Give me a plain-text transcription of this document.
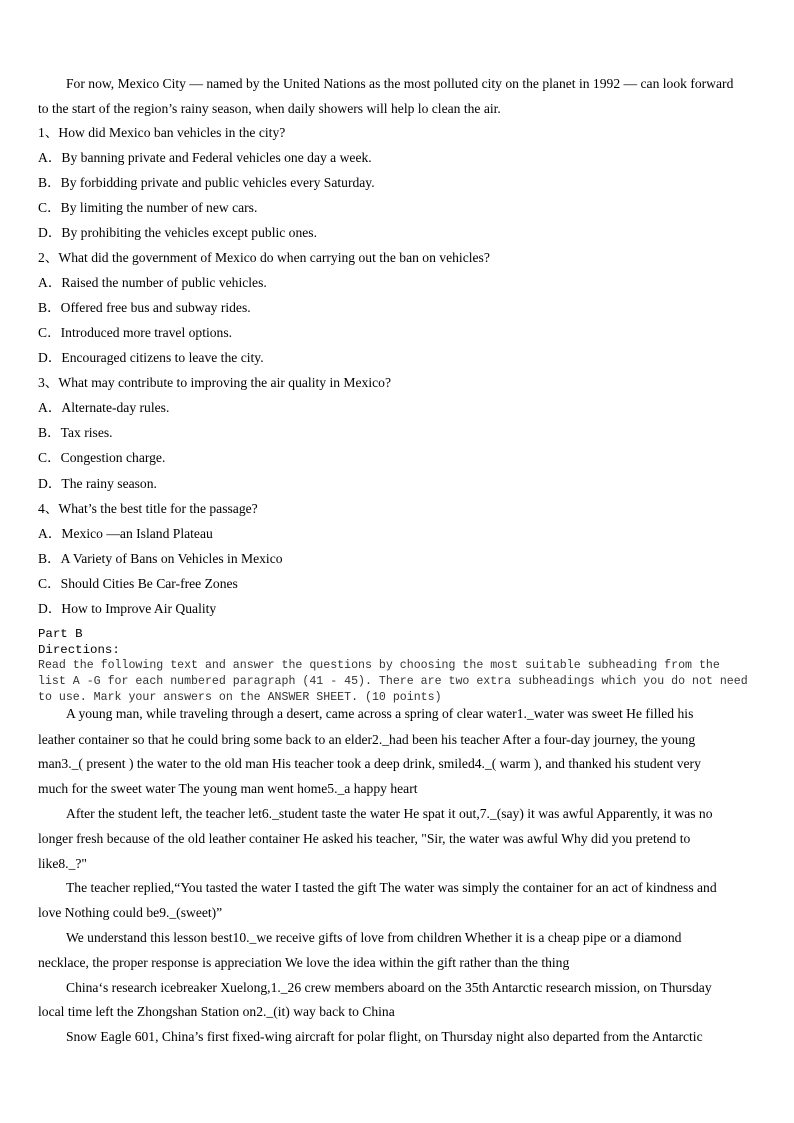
For now, Mexico City — named by the United Nations as the most polluted city on the planet in 1992 — can look forward
to the start of the region’s rainy season, when daily showers will help lo clean the air.
1、How did Mexico ban vehicles in the city?
A．By banning private and Federal vehicles one day a week.
B．By forbidding private and public vehicles every Saturday.
C．By limiting the number of new cars.
D．By prohibiting the vehicles except public ones.
2、What did the government of Mexico do when carrying out the ban on vehicles?
A．Raised the number of public vehicles.
B．Offered free bus and subway rides.
C．Introduced more travel options.
D．Encouraged citizens to leave the city.
3、What may contribute to improving the air quality in Mexico?
A．Alternate-day rules.
B．Tax rises.
C．Congestion charge.
D．The rainy season.
4、What’s the best title for the passage?
A．Mexico —an Island Plateau
B．A Variety of Bans on Vehicles in Mexico
C．Should Cities Be Car-free Zones
D．How to Improve Air Quality
Part B
Directions:
Read the following text and answer the questions by choosing the most suitable subheading from the
list A -G for each numbered paragraph (41 - 45). There are two extra subheadings which you do not need
to use. Mark your answers on the ANSWER SHEET. (10 points)
A young man, while traveling through a desert, came across a spring of clear water1._water was sweet He filled his
leather container so that he could bring some back to an elder2._had been his teacher After a four-day journey, the young
man3._( present ) the water to the old man His teacher took a deep drink, smiled4._( warm ), and thanked his student very
much for the sweet water The young man went home5._a happy heart
After the student left, the teacher let6._student taste the water He spat it out,7._(say) it was awful Apparently, it was no
longer fresh because of the old leather container He asked his teacher, "Sir, the water was awful Why did you pretend to
like8._?"
The teacher replied,“You tasted the water I tasted the gift The water was simply the container for an act of kindness and
love Nothing could be9._(sweet)”
We understand this lesson best10._we receive gifts of love from children Whether it is a cheap pipe or a diamond
necklace, the proper response is appreciation We love the idea within the gift rather than the thing
China‘s research icebreaker Xuelong,1._26 crew members aboard on the 35th Antarctic research mission, on Thursday
local time left the Zhongshan Station on2._(it) way back to China
Snow Eagle 601, China’s first fixed-wing aircraft for polar flight, on Thursday night also departed from the Antarctic
